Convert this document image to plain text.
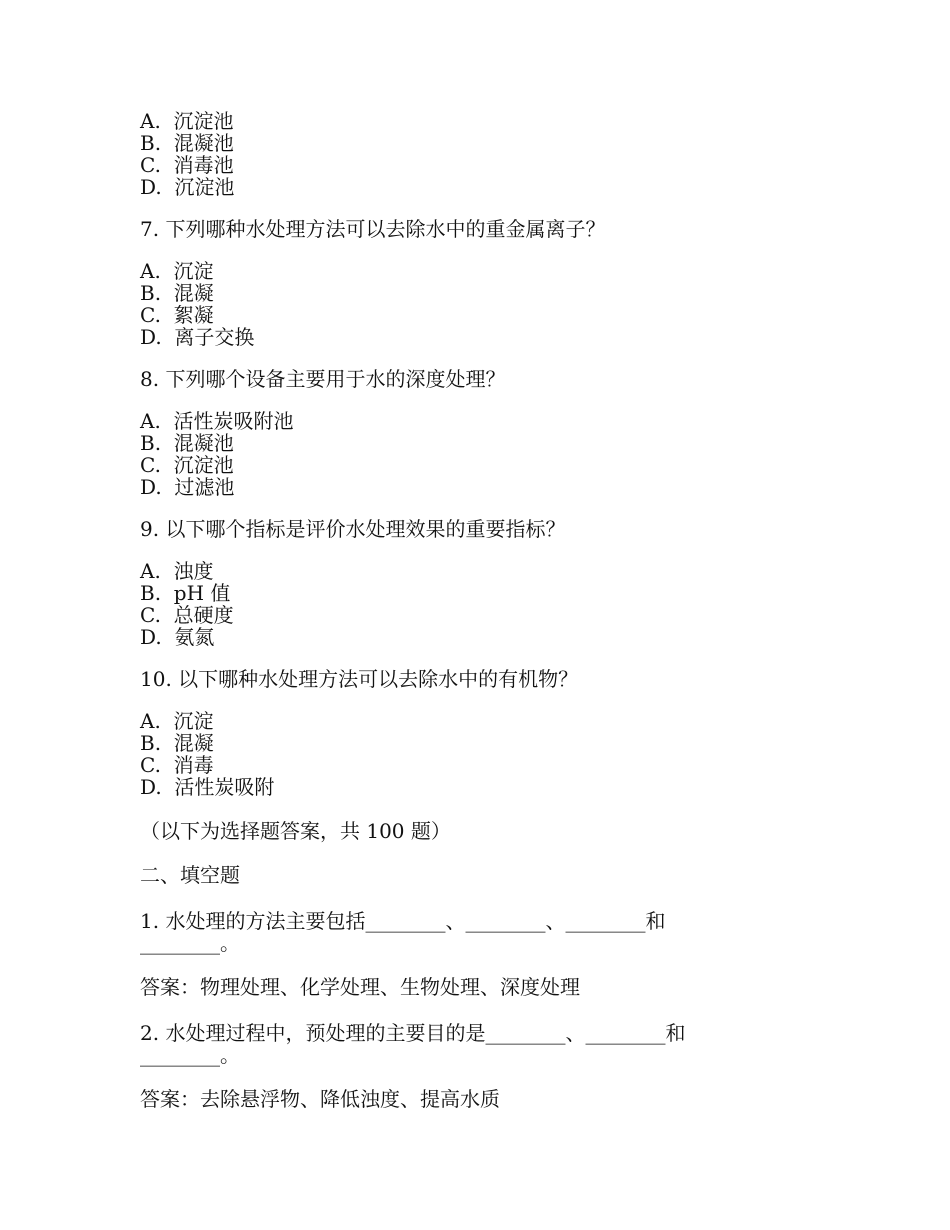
A.  沉淀池
B.  混凝池
C.  消毒池
D.  沉淀池
7. 下列哪种水处理方法可以去除水中的重金属离子？
A.  沉淀
B.  混凝
C.  絮凝
D.  离子交换
8. 下列哪个设备主要用于水的深度处理？
A.  活性炭吸附池
B.  混凝池
C.  沉淀池
D.  过滤池
9. 以下哪个指标是评价水处理效果的重要指标？
A.  浊度
B.  pH 值
C.  总硬度
D.  氨氮
10. 以下哪种水处理方法可以去除水中的有机物？
A.  沉淀
B.  混凝
C.  消毒
D.  活性炭吸附
（以下为选择题答案，共 100 题）
二、填空题
1. 水处理的方法主要包括________、________、________和
________。
答案：物理处理、化学处理、生物处理、深度处理
2. 水处理过程中，预处理的主要目的是________、________和
________。
答案：去除悬浮物、降低浊度、提高水质
